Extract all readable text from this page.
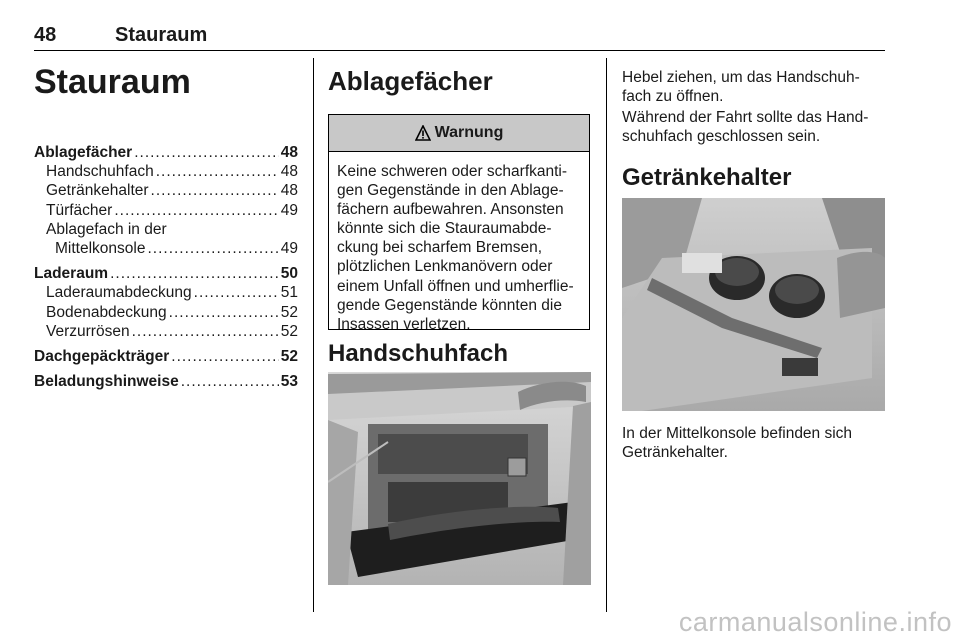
48	Stauraum
Stauraum
Ablagefächer .....	48
Handschuhfach .....	48
Getränkehalter .....	48
Türfächer .....	49
Ablagefach in der
Mittelkonsole .....	49
Laderaum .....	50
Laderaumabdeckung .....	51
Bodenabdeckung .....	52
Verzurrösen .....	52
Dachgepäckträger .....	52
Beladungshinweise .....	53
Ablagefächer
Warnung
Keine schweren oder scharfkanti-
gen Gegenstände in den Ablage-
fächern aufbewahren. Ansonsten
könnte sich die Stauraumabde-
ckung bei scharfem Bremsen,
plötzlichen Lenkmanövern oder
einem Unfall öffnen und umherflie-
gende Gegenstände könnten die
Insassen verletzen.
Handschuhfach
Hebel ziehen, um das Handschuh-
fach zu öffnen.
Während der Fahrt sollte das Hand-
schuhfach geschlossen sein.
Getränkehalter
In der Mittelkonsole befinden sich
Getränkehalter.
carmanualsonline.info
